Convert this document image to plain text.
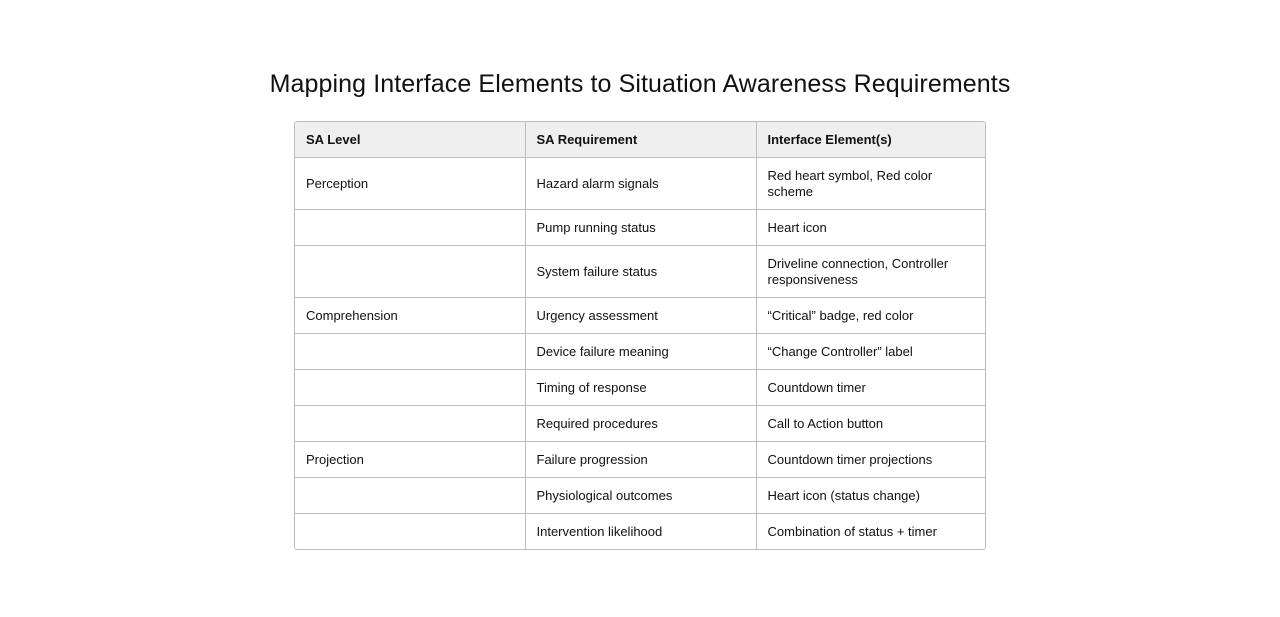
Mapping Interface Elements to Situation Awareness Requirements
SA Level	SA Requirement	Interface Element(s)
Perception	Hazard alarm signals	Red heart symbol, Red color scheme
	Pump running status	Heart icon
	System failure status	Driveline connection, Controller responsiveness
Comprehension	Urgency assessment	“Critical” badge, red color
	Device failure meaning	“Change Controller” label
	Timing of response	Countdown timer
	Required procedures	Call to Action button
Projection	Failure progression	Countdown timer projections
	Physiological outcomes	Heart icon (status change)
	Intervention likelihood	Combination of status + timer
